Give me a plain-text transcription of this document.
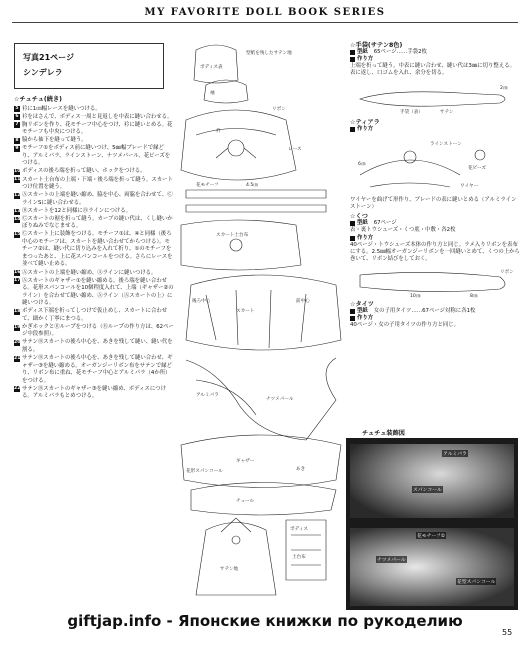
MY FAVORITE DOLL BOOK SERIES
写真21ページ
シンデレラ
☆チュチュ(続き)
5 衿に1㎝幅レースを縫いつける。
6 衿をはさんで、ボディス一周と見返しを中表に縫い合わせる。
7 胸リボンを作り、花モチーフ中心をつけ、衿に縫いとめる。花モチーフも中央につける。
8 脇から袖下を縫って縫う。
9 モチーフ①をボディス前に縫いつけ、5㎜幅ブレードで縁どり、アルミパラ、ラインストーン、ナツメパール、花ビーズをつける。
10 ボディスの後ろ端を折って縫い、ホックをつける。
11 スカート土台布の上端・下端・後ろ端を折って縫う。スカートつけ位置を縫う。
12 Ⓐスカートの上端を縫い縮め、脇を中心、両脇を合わせて、ⒸラインSに縫い合わせる。
13 Ⓑスカートを12と同様にⒷラインにつける。
14 Ⓒスカートの裾を折って縫う。カーブの縫い代は、くし縫いかぼりぬみでなじませる。
15 Ⓒスカート上に装飾をつける。モチーフ①は、④と同様（後ろ中心のモチーフは、スカートを縫い合わせてからつける）。モチーフ②は、縫い代に切り込みを入れて折り、①のモチーフをまつったあと、上に花スパンコールをつける。さらにレースを並べて縫い止める。
16 Ⓐスカートの上端を縫い縮め、Ⓐラインに縫いつける。
17 Ⓐスカートのギャザー①を縫い縮める。後ろ端を縫い合わせる。花形スパンコールを10個程度入れて、上端（ギャザー②のライン）を合わせて縫い縮め、Ⓐライン（Ⓐスカートの上）に縫いつける。
18 ボディス下端を折ってしつけで仮止めし、スカートに合わせて、細かく丁寧にまつる。
19 かぎホックとⓇループをつける（Ⓡループの作り方は、62ページ中段参照）。
20 サテンⒷスカートの後ろ中心を、あきを残して縫い、縫い代を割る。
21 サテンⒷスカートの後ろ中心を、あきを残して縫い合わせ、ギャザー③を縫い縮める。オーガンジーリボン布をサテンで縁どり、リボン布に重ね、花モチーフ中心とアルミパラ（4か所）をつける。
22 サテンⒷスカートのギャザー③を縫い縮め、ボディスにつける。アルミパラもとめつける。
型紙を残したサテン地
ボディス表
袖
リボン
衿
レース
花モチーフ	4.5㎝
スカート
後ろ中心	前中心
アルミパラ
ナツメパール
ギャザー
花形スパンコール	あき
チュール
サテン地
スカート土台布
ボディス
土台布
☆手袋(サテン8色)
型紙
65ページ……手袋2枚
作り方
上端を折って縫う。中表に縫い合わせ、縫い代は3㎜に切り整える。表に返し、口ゴムを入れ、余分を切る。
2㎝
手袋（表）	サテン
☆ティアラ
作り方
ラインストーン
花ビーズ
6㎝
ワイヤー
ワイヤーを曲げて形作り、ブレードの表に縫いとめる（アルミラインストーン）
☆くつ
型紙
67ページ
表・裏トウシューズ・くつ底・中敷・各2枚
作り方
40ページ・トウシューズ本体の作り方と同じ。ラメ入りリボンを表布にする。2.5㎜幅オーガンジーリボンを一回縫いとめて、くつの上から巻いて、リボン結びをしておく。
10㎝	8㎝
リボン
☆タイツ
型紙
女の子用タイツ……67ページ対称に各1枚
作り方
40ページ・女の子用タイツの作り方と同じ。
チュチュ装飾図
アルミパラ
スパンコール
花モチーフ①
ナツメパール
花型スパンコール
giftjap.info - Японские книжки по рукоделию
55
